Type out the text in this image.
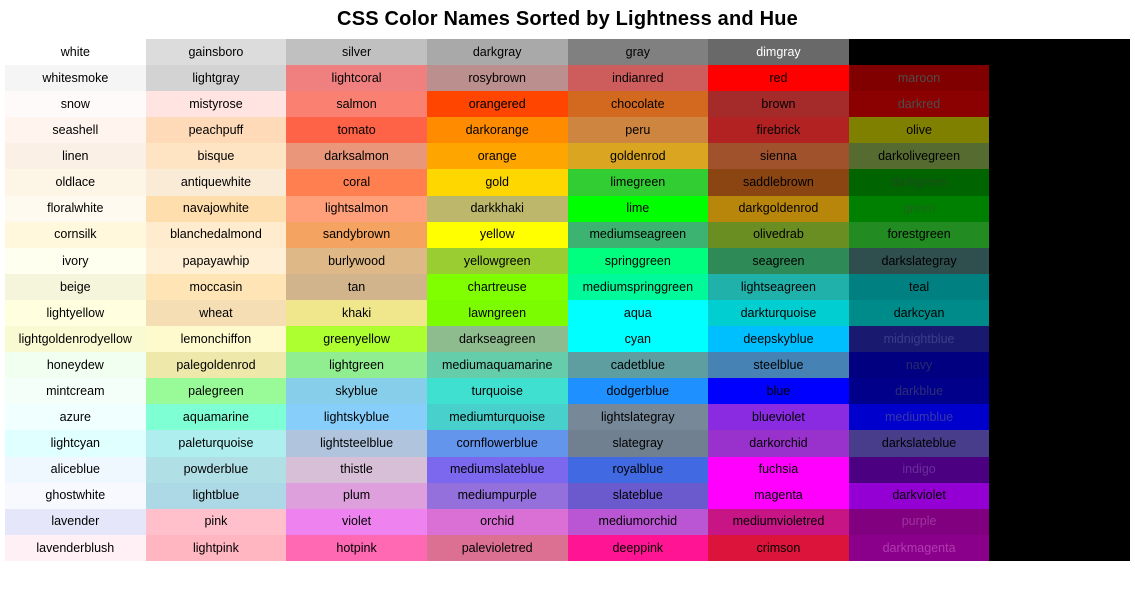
CSS Color Names Sorted by Lightness and Hue
white	gainsboro	silver	darkgray	gray	dimgray
whitesmoke	lightgray	lightcoral	rosybrown	indianred	red	maroon
snow	mistyrose	salmon	orangered	chocolate	brown	darkred
seashell	peachpuff	tomato	darkorange	peru	firebrick	olive
linen	bisque	darksalmon	orange	goldenrod	sienna	darkolivegreen
oldlace	antiquewhite	coral	gold	limegreen	saddlebrown	darkgreen
floralwhite	navajowhite	lightsalmon	darkkhaki	lime	darkgoldenrod	green
cornsilk	blanchedalmond	sandybrown	yellow	mediumseagreen	olivedrab	forestgreen
ivory	papayawhip	burlywood	yellowgreen	springgreen	seagreen	darkslategray
beige	moccasin	tan	chartreuse	mediumspringgreen	lightseagreen	teal
lightyellow	wheat	khaki	lawngreen	aqua	darkturquoise	darkcyan
lightgoldenrodyellow	lemonchiffon	greenyellow	darkseagreen	cyan	deepskyblue	midnightblue
honeydew	palegoldenrod	lightgreen	mediumaquamarine	cadetblue	steelblue	navy
mintcream	palegreen	skyblue	turquoise	dodgerblue	blue	darkblue
azure	aquamarine	lightskyblue	mediumturquoise	lightslategray	blueviolet	mediumblue
lightcyan	paleturquoise	lightsteelblue	cornflowerblue	slategray	darkorchid	darkslateblue
aliceblue	powderblue	thistle	mediumslateblue	royalblue	fuchsia	indigo
ghostwhite	lightblue	plum	mediumpurple	slateblue	magenta	darkviolet
lavender	pink	violet	orchid	mediumorchid	mediumvioletred	purple
lavenderblush	lightpink	hotpink	palevioletred	deeppink	crimson	darkmagenta
